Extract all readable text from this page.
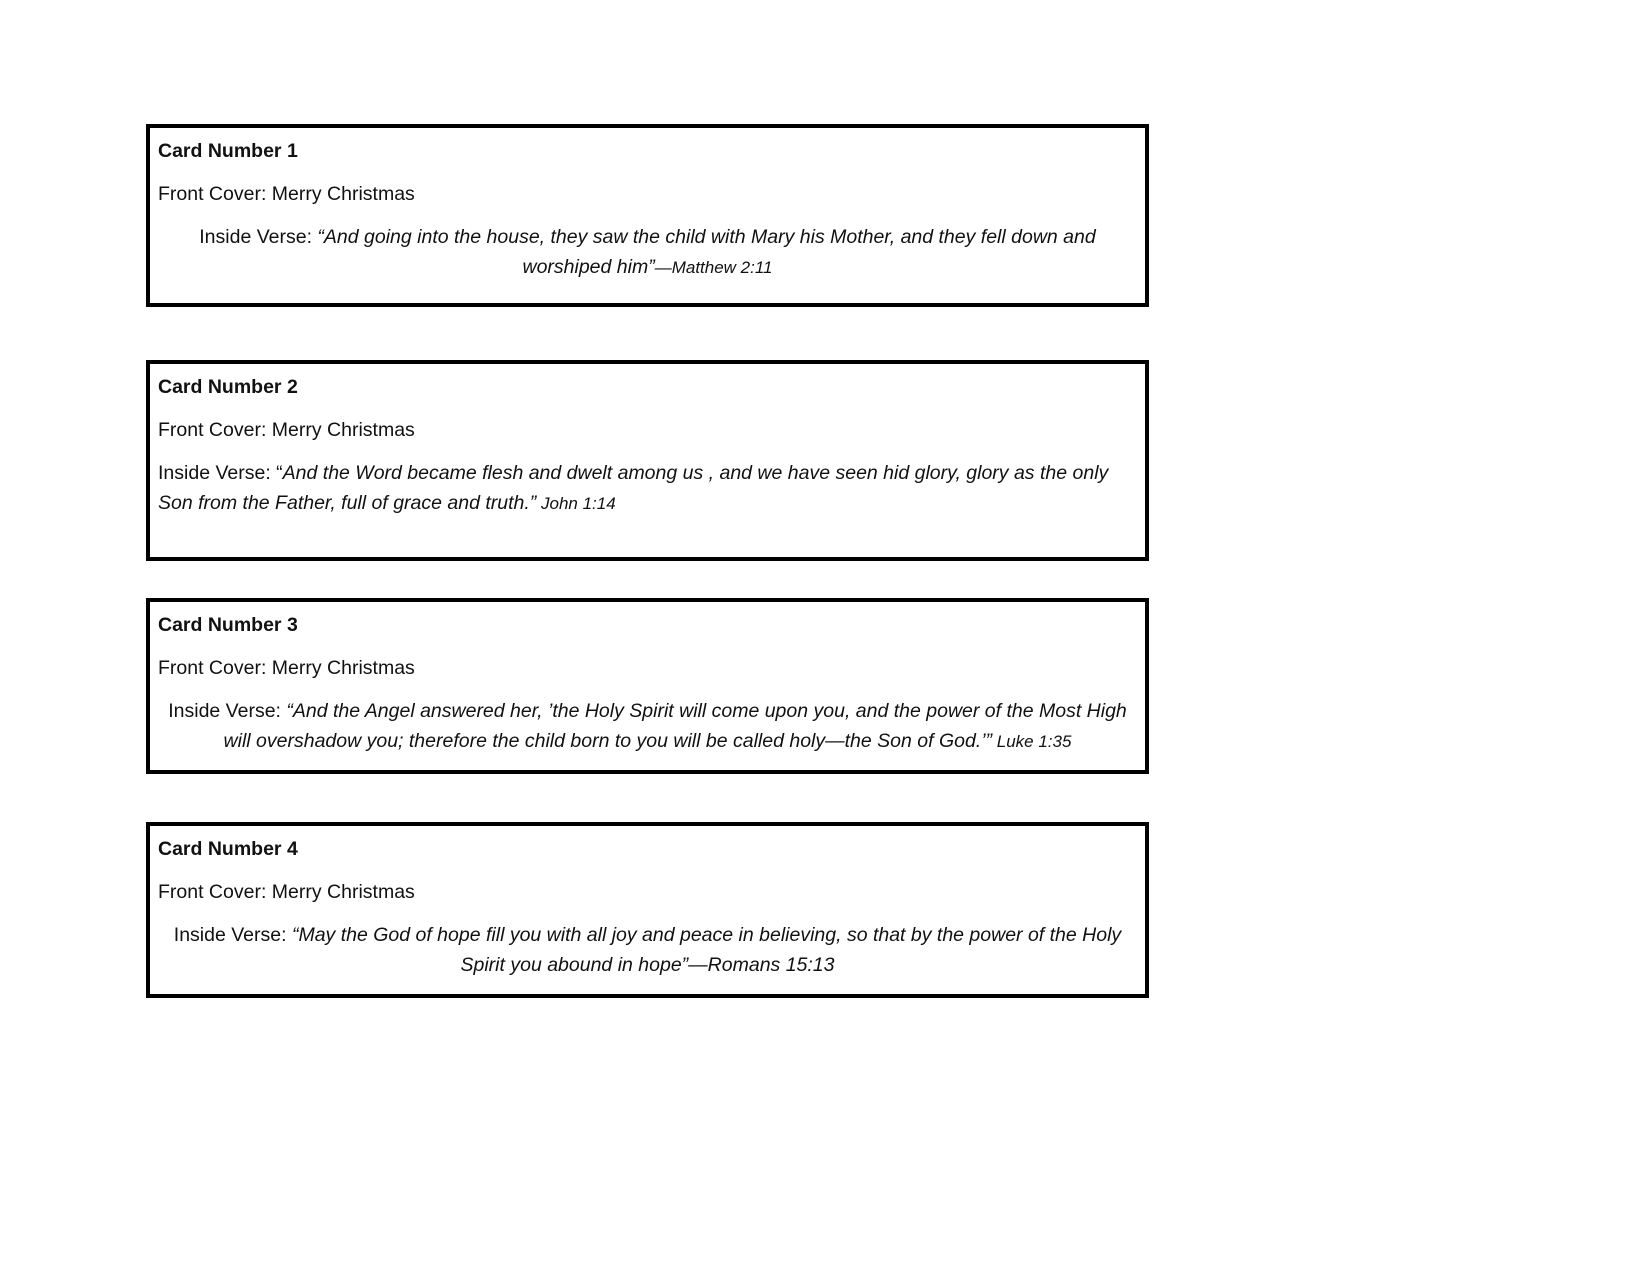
Card Number 1

Front Cover: Merry Christmas

Inside Verse: “And going into the house, they saw the child with Mary his Mother, and they fell down and worshiped him”—Matthew 2:11

Card Number 2

Front Cover: Merry Christmas

Inside Verse: “And the Word became flesh and dwelt among us , and we have seen hid glory, glory as the only Son from the Father, full of grace and truth.” John 1:14

Card Number 3

Front Cover: Merry Christmas

Inside Verse: “And the Angel answered her, ’the Holy Spirit will come upon you, and the power of the Most High will overshadow you; therefore the child born to you will be called holy—the Son of God.’” Luke 1:35

Card Number 4

Front Cover: Merry Christmas

Inside Verse: “May the God of hope fill you with all joy and peace in believing, so that by the power of the Holy Spirit you abound in hope”—Romans 15:13
